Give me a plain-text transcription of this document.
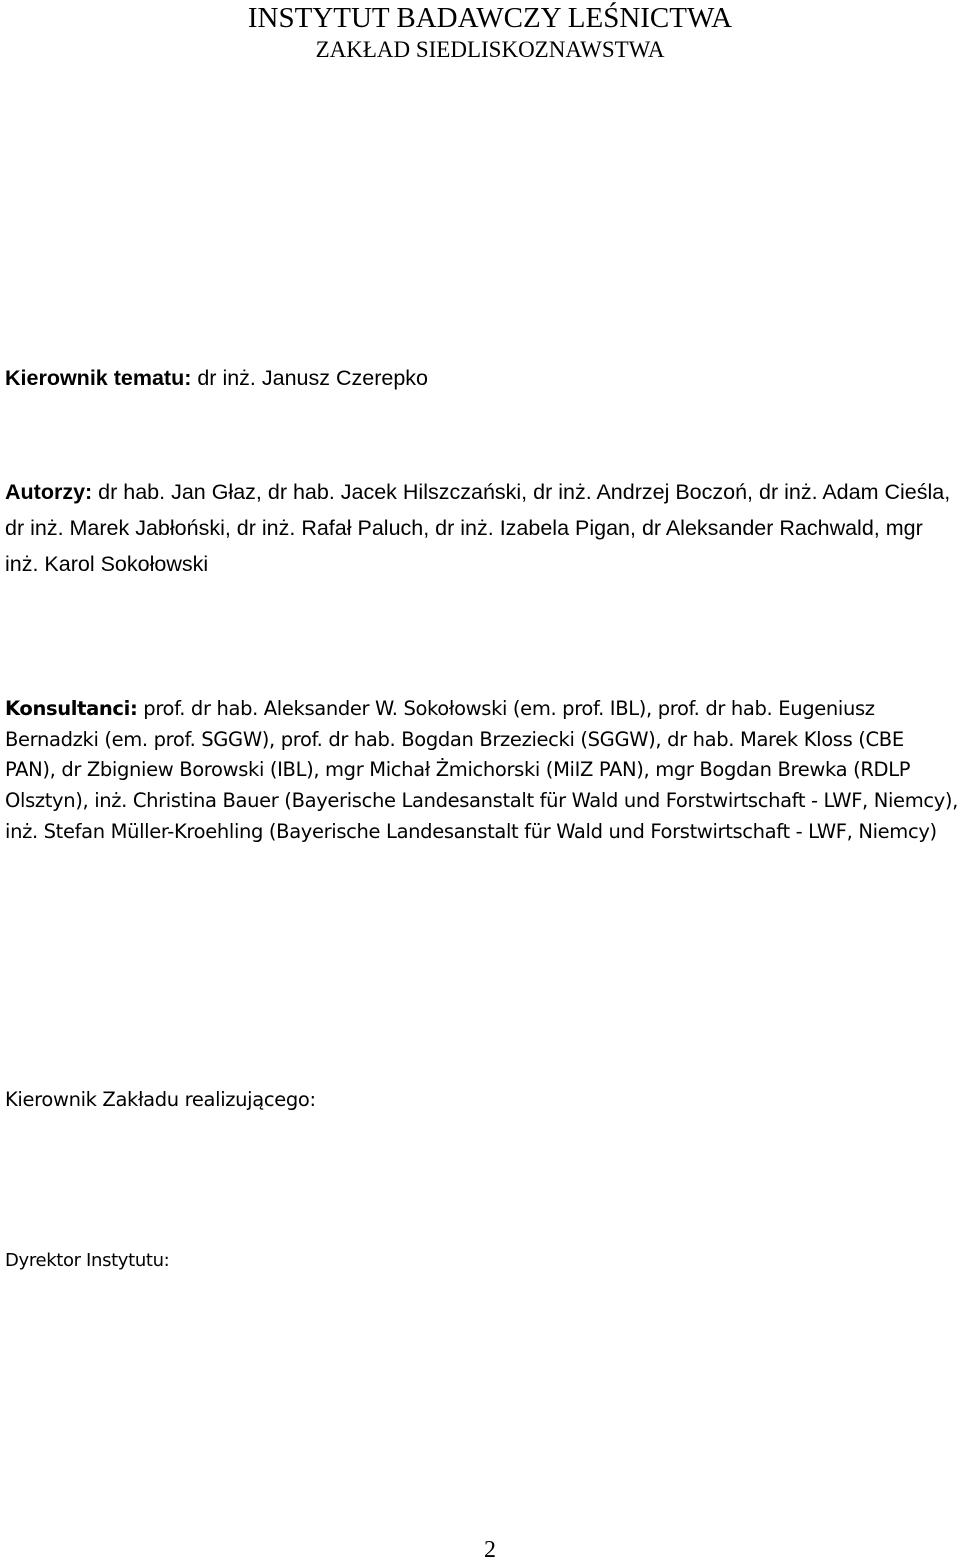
INSTYTUT BADAWCZY LEŚNICTWA
ZAKŁAD SIEDLISKOZNAWSTWA

Kierownik tematu: dr inż. Janusz Czerepko

Autorzy: dr hab. Jan Głaz, dr hab. Jacek Hilszczański, dr inż. Andrzej Boczoń, dr inż. Adam Cieśla, dr inż. Marek Jabłoński, dr inż. Rafał Paluch, dr inż. Izabela Pigan, dr Aleksander Rachwald, mgr inż. Karol Sokołowski

Konsultanci: prof. dr hab. Aleksander W. Sokołowski (em. prof. IBL), prof. dr hab. Eugeniusz Bernadzki (em. prof. SGGW), prof. dr hab. Bogdan Brzeziecki (SGGW), dr hab. Marek Kloss (CBE PAN), dr Zbigniew Borowski (IBL), mgr Michał Żmichorski (MiIZ PAN), mgr Bogdan Brewka (RDLP Olsztyn), inż. Christina Bauer (Bayerische Landesanstalt für Wald und Forstwirtschaft - LWF, Niemcy), inż. Stefan Müller-Kroehling (Bayerische Landesanstalt für Wald und Forstwirtschaft - LWF, Niemcy)

Kierownik Zakładu realizującego:

Dyrektor Instytutu:

2
